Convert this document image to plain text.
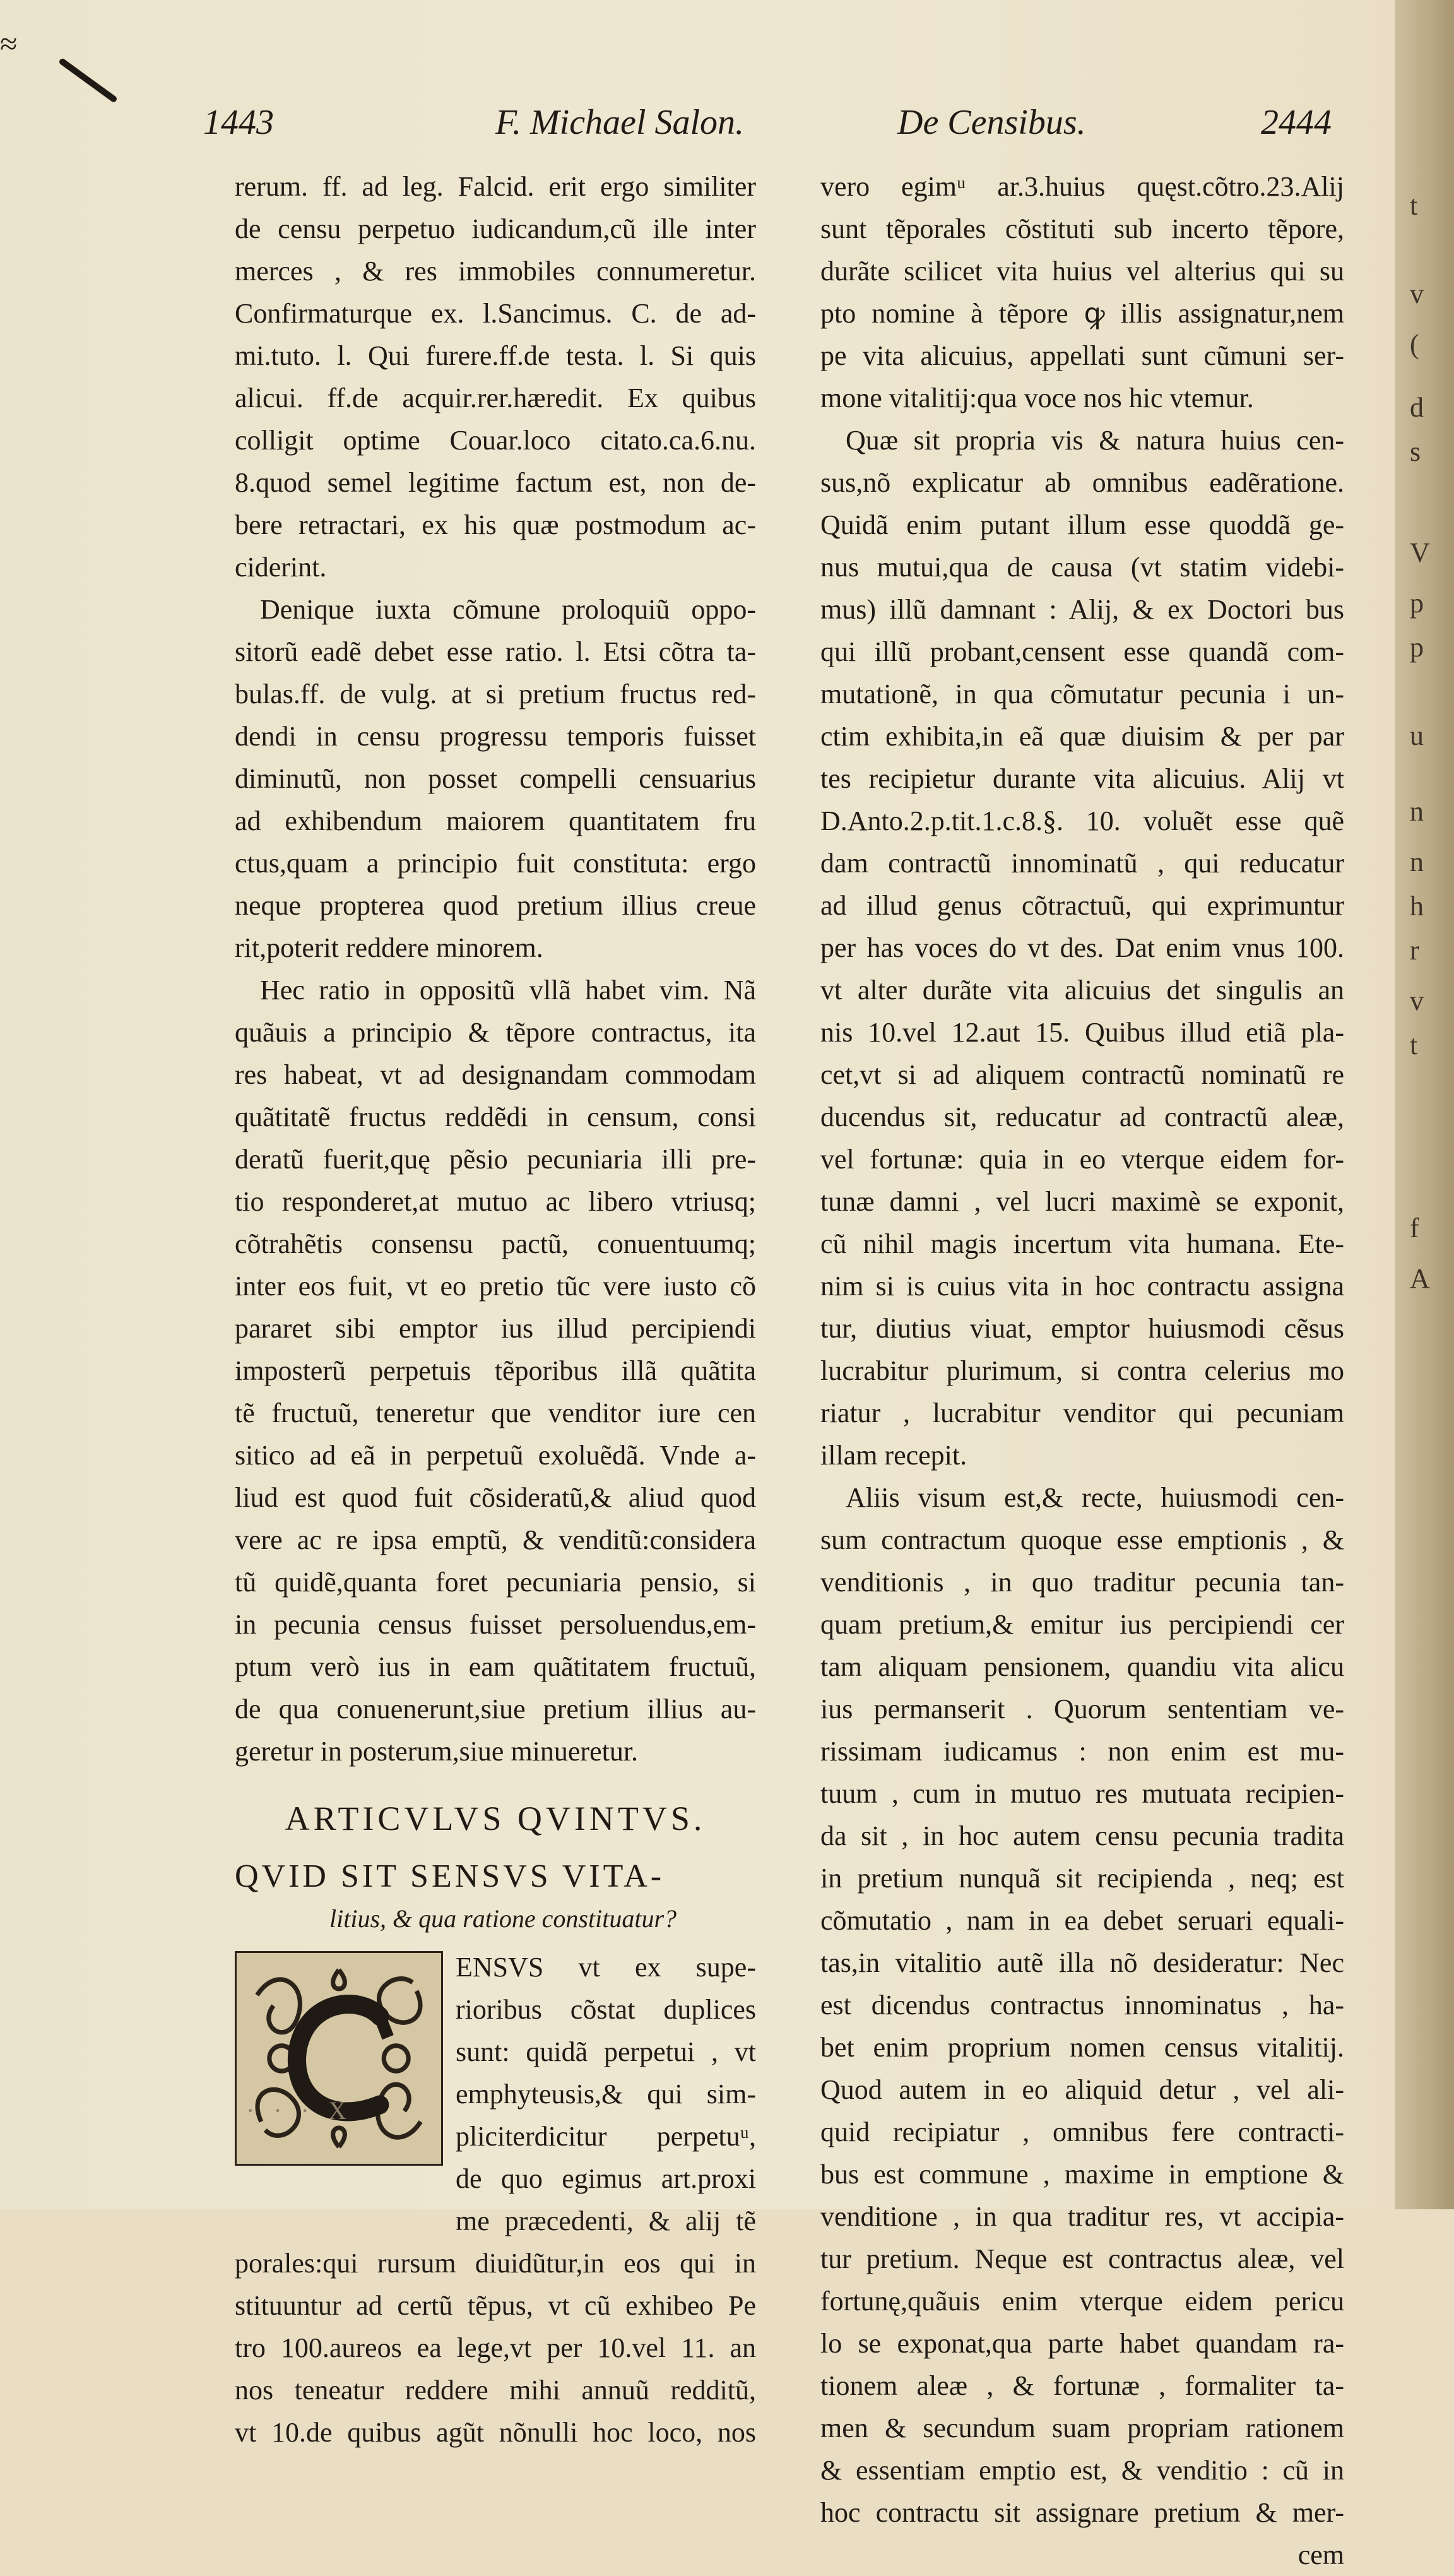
≈
1443	F. Michael Salon.	De Censibus.	2444

rerum. ff. ad leg. Falcid. erit ergo similiter

de censu perpetuo iudicandum,cũ ille inter

merces , & res immobiles connumeretur.

Confirmaturque ex. l.Sancimus. C. de ad-

mi.tuto. l. Qui furere.ff.de testa. l. Si quis

alicui. ff.de acquir.rer.hæredit. Ex quibus

colligit optime Couar.loco citato.ca.6.nu.

8.quod semel legitime factum est, non de-

bere retractari, ex his quæ postmodum ac-

ciderint.

Denique iuxta cõmune proloquiũ oppo-

sitorũ eadẽ debet esse ratio. l. Etsi cõtra ta-

bulas.ff. de vulg. at si pretium fructus red-

dendi in censu progressu temporis fuisset

diminutũ, non posset compelli censuarius

ad exhibendum maiorem quantitatem fru

ctus,quam a principio fuit constituta: ergo

neque propterea quod pretium illius creue

rit,poterit reddere minorem.

Hec ratio in oppositũ vllã habet vim. Nã

quãuis a principio & tẽpore contractus, ita

res habeat, vt ad designandam commodam

quãtitatẽ fructus reddẽdi in censum, consi

deratũ fuerit,quę pẽsio pecuniaria illi pre-

tio responderet,at mutuo ac libero vtriusq;

cõtrahẽtis consensu pactũ, conuentuumq;

inter eos fuit, vt eo pretio tũc vere iusto cõ

pararet sibi emptor ius illud percipiendi

imposterũ perpetuis tẽporibus illã quãtita

tẽ fructuũ, teneretur que venditor iure cen

sitico ad eã in perpetuũ exoluẽdã. Vnde a-

liud est quod fuit cõsideratũ,& aliud quod

vere ac re ipsa emptũ, & venditũ:considera

tũ quidẽ,quanta foret pecuniaria pensio, si

in pecunia census fuisset persoluendus,em-

ptum verò ius in eam quãtitatem fructuũ,

de qua conuenerunt,siue pretium illius au-

geretur in posterum,siue minueretur.

ARTICVLVS QVINTVS.
QVID SIT SENSVS VITA-
litius, & qua ratione constituatur?

ENSVS vt ex supe-

rioribus cõstat duplices

sunt: quidã perpetui , vt

emphyteusis,& qui sim-

pliciterdicitur perpetuᵘ,

de quo egimus art.proxi

me præcedenti, & alij tẽ

porales:qui rursum diuidũtur,in eos qui in

stituuntur ad certũ tẽpus, vt cũ exhibeo Pe

tro 100.aureos ea lege,vt per 10.vel 11. an

nos teneatur reddere mihi annuũ redditũ,

vt 10.de quibus agũt nõnulli hoc loco, nos

vero egimᵘ ar.3.huius quęst.cõtro.23.Alij

sunt tẽporales cõstituti sub incerto tẽpore,

durãte scilicet vita huius vel alterius qui su

pto nomine à tẽpore ꝙ illis assignatur,nem

pe vita alicuius, appellati sunt cũmuni ser-

mone vitalitij:qua voce nos hic vtemur.

Quæ sit propria vis & natura huius cen-

sus,nõ explicatur ab omnibus eadẽratione.

Quidã enim putant illum esse quoddã ge-

nus mutui,qua de causa (vt statim videbi-

mus) illũ damnant : Alij, & ex Doctori bus

qui illũ probant,censent esse quandã com-

mutationẽ, in qua cõmutatur pecunia i un-

ctim exhibita,in eã quæ diuisim & per par

tes recipietur durante vita alicuius. Alij vt

D.Anto.2.p.tit.1.c.8.§. 10. voluẽt esse quẽ

dam contractũ innominatũ , qui reducatur

ad illud genus cõtractuũ, qui exprimuntur

per has voces do vt des. Dat enim vnus 100.

vt alter durãte vita alicuius det singulis an

nis 10.vel 12.aut 15. Quibus illud etiã pla-

cet,vt si ad aliquem contractũ nominatũ re

ducendus sit, reducatur ad contractũ aleæ,

vel fortunæ: quia in eo vterque eidem for-

tunæ damni , vel lucri maximè se exponit,

cũ nihil magis incertum vita humana. Ete-

nim si is cuius vita in hoc contractu assigna

tur, diutius viuat, emptor huiusmodi cẽsus

lucrabitur plurimum, si contra celerius mo

riatur , lucrabitur venditor qui pecuniam

illam recepit.

Aliis visum est,& recte, huiusmodi cen-

sum contractum quoque esse emptionis , &

venditionis , in quo traditur pecunia tan-

quam pretium,& emitur ius percipiendi cer

tam aliquam pensionem, quandiu vita alicu

ius permanserit . Quorum sententiam ve-

rissimam iudicamus : non enim est mu-

tuum , cum in mutuo res mutuata recipien-

da sit , in hoc autem censu pecunia tradita

in pretium nunquã sit recipienda , neq; est

cõmutatio , nam in ea debet seruari equali-

tas,in vitalitio autẽ illa nõ desideratur: Nec

est dicendus contractus innominatus , ha-

bet enim proprium nomen census vitalitij.

Quod autem in eo aliquid detur , vel ali-

quid recipiatur , omnibus fere contracti-

bus est commune , maxime in emptione &

venditione , in qua traditur res, vt accipia-

tur pretium. Neque est contractus aleæ, vel

fortunę,quãuis enim vterque eidem pericu

lo se exponat,qua parte habet quandam ra-

tionem aleæ , & fortunæ , formaliter ta-

men & secundum suam propriam rationem

& essentiam emptio est, & venditio : cũ in

hoc contractu sit assignare pretium & mer-

cem

· · · X
t
v
(
d
s
V
p
p
u
n
n
h
r
v
t
f
A
